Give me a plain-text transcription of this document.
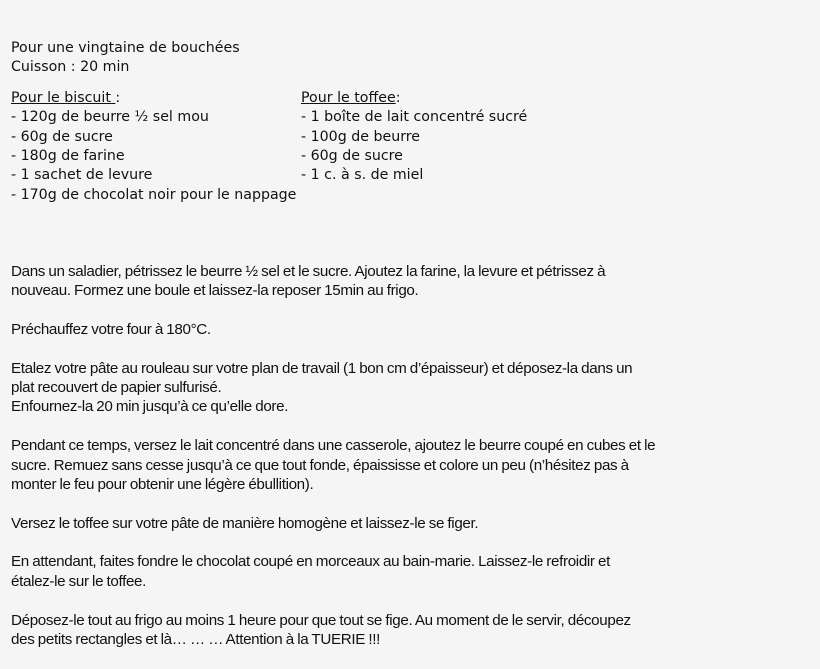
Pour une vingtaine de bouchées
Cuisson : 20 min
Pour le biscuit :
- 120g de beurre ½ sel mou
- 60g de sucre
- 180g de farine
- 1 sachet de levure
Pour le toffee:
- 1 boîte de lait concentré sucré
- 100g de beurre
- 60g de sucre
- 1 c. à s. de miel
- 170g de chocolat noir pour le nappage

Dans un saladier, pétrissez le beurre ½ sel et le sucre. Ajoutez la farine, la levure et pétrissez à
nouveau. Formez une boule et laissez-la reposer 15min au frigo.

Préchauffez votre four à 180°C.

Etalez votre pâte au rouleau sur votre plan de travail (1 bon cm d’épaisseur) et déposez-la dans un
plat recouvert de papier sulfurisé.
Enfournez-la 20 min jusqu’à ce qu’elle dore.

Pendant ce temps, versez le lait concentré dans une casserole, ajoutez le beurre coupé en cubes et le
sucre. Remuez sans cesse jusqu’à ce que tout fonde, épaississe et colore un peu (n’hésitez pas à
monter le feu pour obtenir une légère ébullition).

Versez le toffee sur votre pâte de manière homogène et laissez-le se figer.

En attendant, faites fondre le chocolat coupé en morceaux au bain-marie. Laissez-le refroidir et
étalez-le sur le toffee.

Déposez-le tout au frigo au moins 1 heure pour que tout se fige. Au moment de le servir, découpez
des petits rectangles et là… … … Attention à la TUERIE !!!
